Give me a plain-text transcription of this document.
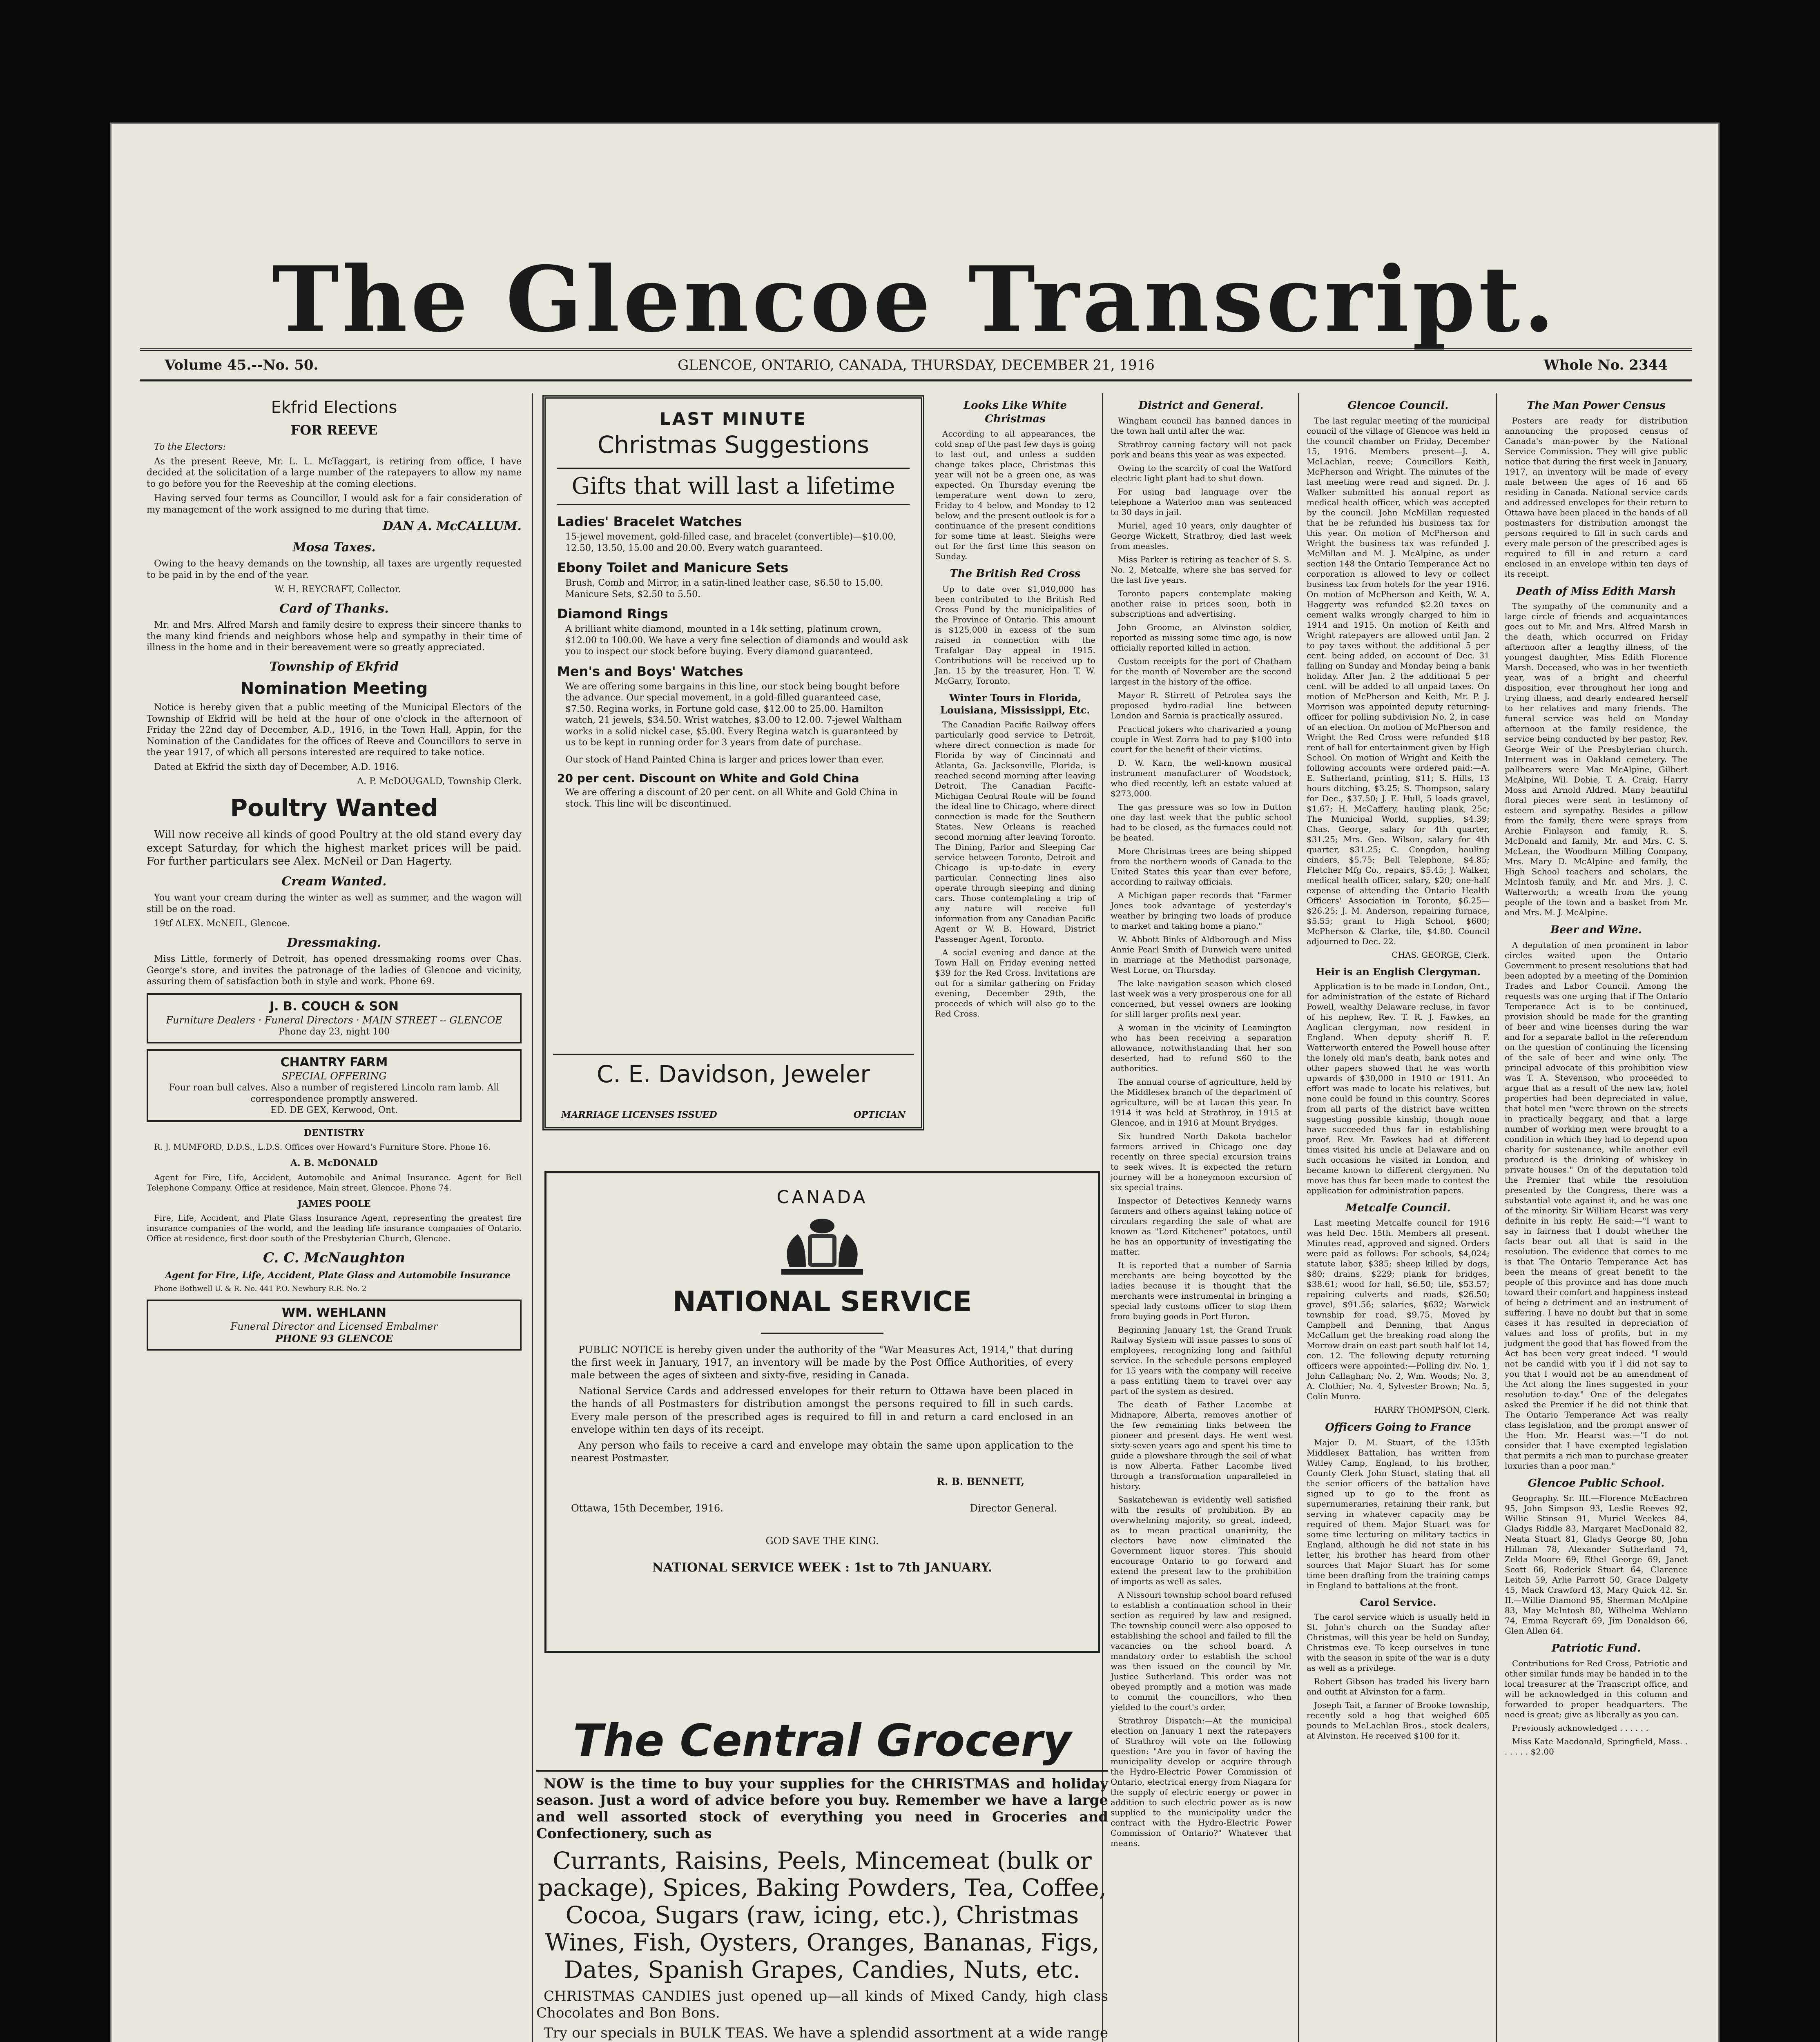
The Glencoe Transcript.
Volume 45.--No. 50.	GLENCOE, ONTARIO, CANADA, THURSDAY, DECEMBER 21, 1916	Whole No. 2344
Ekfrid Elections
FOR REEVE

To the Electors:

As the present Reeve, Mr. L. L. McTaggart, is retiring from office, I have decided at the solicitation of a large number of the ratepayers to allow my name to go before you for the Reeveship at the coming elections.

Having served four terms as Councillor, I would ask for a fair consideration of my management of the work assigned to me during that time.

DAN A. McCALLUM.
Mosa Taxes.

Owing to the heavy demands on the township, all taxes are urgently requested to be paid in by the end of the year.

W. H. REYCRAFT, Collector.

Card of Thanks.

Mr. and Mrs. Alfred Marsh and family desire to express their sincere thanks to the many kind friends and neighbors whose help and sympathy in their time of illness in the home and in their bereavement were so greatly appreciated.

Township of Ekfrid
Nomination Meeting

Notice is hereby given that a public meeting of the Municipal Electors of the Township of Ekfrid will be held at the hour of one o'clock in the afternoon of Friday the 22nd day of December, A.D., 1916, in the Town Hall, Appin, for the Nomination of the Candidates for the offices of Reeve and Councillors to serve in the year 1917, of which all persons interested are required to take notice.

Dated at Ekfrid the sixth day of December, A.D. 1916.

A. P. McDOUGALD, Township Clerk.

Poultry Wanted

Will now receive all kinds of good Poultry at the old stand every day except Saturday, for which the highest market prices will be paid. For further particulars see Alex. McNeil or Dan Hagerty.

Cream Wanted.

You want your cream during the winter as well as summer, and the wagon will still be on the road.

19tf ALEX. McNEIL, Glencoe.

Dressmaking.

Miss Little, formerly of Detroit, has opened dressmaking rooms over Chas. George's store, and invites the patronage of the ladies of Glencoe and vicinity, assuring them of satisfaction both in style and work. Phone 69.

J. B. COUCH & SON
Furniture Dealers · Funeral Directors · MAIN STREET -- GLENCOE
Phone day 23, night 100
CHANTRY FARM
SPECIAL OFFERING
Four roan bull calves. Also a number of registered Lincoln ram lamb. All correspondence promptly answered.
ED. DE GEX, Kerwood, Ont.
DENTISTRY

R. J. MUMFORD, D.D.S., L.D.S. Offices over Howard's Furniture Store. Phone 16.

A. B. McDONALD

Agent for Fire, Life, Accident, Automobile and Animal Insurance. Agent for Bell Telephone Company. Office at residence, Main street, Glencoe. Phone 74.

JAMES POOLE

Fire, Life, Accident, and Plate Glass Insurance Agent, representing the greatest fire insurance companies of the world, and the leading life insurance companies of Ontario. Office at residence, first door south of the Presbyterian Church, Glencoe.

C. C. McNaughton

Agent for Fire, Life, Accident, Plate Glass and Automobile Insurance

Phone Bothwell U. & R. No. 441 P.O. Newbury R.R. No. 2

WM. WEHLANN
Funeral Director and Licensed Embalmer
PHONE 93 GLENCOE
LAST MINUTE
Christmas Suggestions
Gifts that will last a lifetime
Ladies' Bracelet Watches
15-jewel movement, gold-filled case, and bracelet (convertible)—$10.00, 12.50, 13.50, 15.00 and 20.00. Every watch guaranteed.
Ebony Toilet and Manicure Sets
Brush, Comb and Mirror, in a satin-lined leather case, $6.50 to 15.00. Manicure Sets, $2.50 to 5.50.
Diamond Rings
A brilliant white diamond, mounted in a 14k setting, platinum crown, $12.00 to 100.00. We have a very fine selection of diamonds and would ask you to inspect our stock before buying. Every diamond guaranteed.
Men's and Boys' Watches
We are offering some bargains in this line, our stock being bought before the advance. Our special movement, in a gold-filled guaranteed case, $7.50. Regina works, in Fortune gold case, $12.00 to 25.00. Hamilton watch, 21 jewels, $34.50. Wrist watches, $3.00 to 12.00. 7-jewel Waltham works in a solid nickel case, $5.00. Every Regina watch is guaranteed by us to be kept in running order for 3 years from date of purchase.
Our stock of Hand Painted China is larger and prices lower than ever.
20 per cent. Discount on White and Gold China
We are offering a discount of 20 per cent. on all White and Gold China in stock. This line will be discontinued.
C. E. Davidson, Jeweler
MARRIAGE LICENSES ISSUED	OPTICIAN
CANADA
NATIONAL SERVICE

PUBLIC NOTICE is hereby given under the authority of the "War Measures Act, 1914," that during the first week in January, 1917, an inventory will be made by the Post Office Authorities, of every male between the ages of sixteen and sixty-five, residing in Canada.

National Service Cards and addressed envelopes for their return to Ottawa have been placed in the hands of all Postmasters for distribution amongst the persons required to fill in such cards. Every male person of the prescribed ages is required to fill in and return a card enclosed in an envelope within ten days of its receipt.

Any person who fails to receive a card and envelope may obtain the same upon application to the nearest Postmaster.

R. B. BENNETT,
Ottawa, 15th December, 1916.	Director General.
GOD SAVE THE KING.
NATIONAL SERVICE WEEK : 1st to 7th JANUARY.
The Central Grocery

NOW is the time to buy your supplies for the CHRISTMAS and holiday season. Just a word of advice before you buy. Remember we have a large and well assorted stock of everything you need in Groceries and Confectionery, such as

Currants, Raisins, Peels, Mincemeat (bulk or package), Spices, Baking Powders, Tea, Coffee, Cocoa, Sugars (raw, icing, etc.), Christmas Wines, Fish, Oysters, Oranges, Bananas, Figs, Dates, Spanish Grapes, Candies, Nuts, etc.

CHRISTMAS CANDIES just opened up—all kinds of Mixed Candy, high class Chocolates and Bon Bons.

Try our specials in BULK TEAS. We have a splendid assortment at a wide range

Looks Like White Christmas

According to all appearances, the cold snap of the past few days is going to last out, and unless a sudden change takes place, Christmas this year will not be a green one, as was expected. On Thursday evening the temperature went down to zero, Friday to 4 below, and Monday to 12 below, and the present outlook is for a continuance of the present conditions for some time at least. Sleighs were out for the first time this season on Sunday.

The British Red Cross

Up to date over $1,040,000 has been contributed to the British Red Cross Fund by the municipalities of the Province of Ontario. This amount is $125,000 in excess of the sum raised in connection with the Trafalgar Day appeal in 1915. Contributions will be received up to Jan. 15 by the treasurer, Hon. T. W. McGarry, Toronto.

Winter Tours in Florida, Louisiana, Mississippi, Etc.

The Canadian Pacific Railway offers particularly good service to Detroit, where direct connection is made for Florida by way of Cincinnati and Atlanta, Ga. Jacksonville, Florida, is reached second morning after leaving Detroit. The Canadian Pacific-Michigan Central Route will be found the ideal line to Chicago, where direct connection is made for the Southern States. New Orleans is reached second morning after leaving Toronto. The Dining, Parlor and Sleeping Car service between Toronto, Detroit and Chicago is up-to-date in every particular. Connecting lines also operate through sleeping and dining cars. Those contemplating a trip of any nature will receive full information from any Canadian Pacific Agent or W. B. Howard, District Passenger Agent, Toronto.

A social evening and dance at the Town Hall on Friday evening netted $39 for the Red Cross. Invitations are out for a similar gathering on Friday evening, December 29th, the proceeds of which will also go to the Red Cross.

District and General.

Wingham council has banned dances in the town hall until after the war.

Strathroy canning factory will not pack pork and beans this year as was expected.

Owing to the scarcity of coal the Watford electric light plant had to shut down.

For using bad language over the telephone a Waterloo man was sentenced to 30 days in jail.

Muriel, aged 10 years, only daughter of George Wickett, Strathroy, died last week from measles.

Miss Parker is retiring as teacher of S. S. No. 2, Metcalfe, where she has served for the last five years.

Toronto papers contemplate making another raise in prices soon, both in subscriptions and advertising.

John Groome, an Alvinston soldier, reported as missing some time ago, is now officially reported killed in action.

Custom receipts for the port of Chatham for the month of November are the second largest in the history of the office.

Mayor R. Stirrett of Petrolea says the proposed hydro-radial line between London and Sarnia is practically assured.

Practical jokers who charivaried a young couple in West Zorra had to pay $100 into court for the benefit of their victims.

D. W. Karn, the well-known musical instrument manufacturer of Woodstock, who died recently, left an estate valued at $273,000.

The gas pressure was so low in Dutton one day last week that the public school had to be closed, as the furnaces could not be heated.

More Christmas trees are being shipped from the northern woods of Canada to the United States this year than ever before, according to railway officials.

A Michigan paper records that "Farmer Jones took advantage of yesterday's weather by bringing two loads of produce to market and taking home a piano."

W. Abbott Binks of Aldborough and Miss Annie Pearl Smith of Dunwich were united in marriage at the Methodist parsonage, West Lorne, on Thursday.

The lake navigation season which closed last week was a very prosperous one for all concerned, but vessel owners are looking for still larger profits next year.

A woman in the vicinity of Leamington who has been receiving a separation allowance, notwithstanding that her son deserted, had to refund $60 to the authorities.

The annual course of agriculture, held by the Middlesex branch of the department of agriculture, will be at Lucan this year. In 1914 it was held at Strathroy, in 1915 at Glencoe, and in 1916 at Mount Brydges.

Six hundred North Dakota bachelor farmers arrived in Chicago one day recently on three special excursion trains to seek wives. It is expected the return journey will be a honeymoon excursion of six special trains.

Inspector of Detectives Kennedy warns farmers and others against taking notice of circulars regarding the sale of what are known as "Lord Kitchener" potatoes, until he has an opportunity of investigating the matter.

It is reported that a number of Sarnia merchants are being boycotted by the ladies because it is thought that the merchants were instrumental in bringing a special lady customs officer to stop them from buying goods in Port Huron.

Beginning January 1st, the Grand Trunk Railway System will issue passes to sons of employees, recognizing long and faithful service. In the schedule persons employed for 15 years with the company will receive a pass entitling them to travel over any part of the system as desired.

The death of Father Lacombe at Midnapore, Alberta, removes another of the few remaining links between the pioneer and present days. He went west sixty-seven years ago and spent his time to guide a plowshare through the soil of what is now Alberta. Father Lacombe lived through a transformation unparalleled in history.

Saskatchewan is evidently well satisfied with the results of prohibition. By an overwhelming majority, so great, indeed, as to mean practical unanimity, the electors have now eliminated the Government liquor stores. This should encourage Ontario to go forward and extend the present law to the prohibition of imports as well as sales.

A Nissouri township school board refused to establish a continuation school in their section as required by law and resigned. The township council were also opposed to establishing the school and failed to fill the vacancies on the school board. A mandatory order to establish the school was then issued on the council by Mr. Justice Sutherland. This order was not obeyed promptly and a motion was made to commit the councillors, who then yielded to the court's order.

Strathroy Dispatch:—At the municipal election on January 1 next the ratepayers of Strathroy will vote on the following question: "Are you in favor of having the municipality develop or acquire through the Hydro-Electric Power Commission of Ontario, electrical energy from Niagara for the supply of electric energy or power in addition to such electric power as is now supplied to the municipality under the contract with the Hydro-Electric Power Commission of Ontario?" Whatever that means.

Glencoe Council.

The last regular meeting of the municipal council of the village of Glencoe was held in the council chamber on Friday, December 15, 1916. Members present—J. A. McLachlan, reeve; Councillors Keith, McPherson and Wright. The minutes of the last meeting were read and signed. Dr. J. Walker submitted his annual report as medical health officer, which was accepted by the council. John McMillan requested that he be refunded his business tax for this year. On motion of McPherson and Wright the business tax was refunded J. McMillan and M. J. McAlpine, as under section 148 the Ontario Temperance Act no corporation is allowed to levy or collect business tax from hotels for the year 1916. On motion of McPherson and Keith, W. A. Haggerty was refunded $2.20 taxes on cement walks wrongly charged to him in 1914 and 1915. On motion of Keith and Wright ratepayers are allowed until Jan. 2 to pay taxes without the additional 5 per cent. being added, on account of Dec. 31 falling on Sunday and Monday being a bank holiday. After Jan. 2 the additional 5 per cent. will be added to all unpaid taxes. On motion of McPherson and Keith, Mr. P. J. Morrison was appointed deputy returning-officer for polling subdivision No. 2, in case of an election. On motion of McPherson and Wright the Red Cross were refunded $18 rent of hall for entertainment given by High School. On motion of Wright and Keith the following accounts were ordered paid:—A. E. Sutherland, printing, $11; S. Hills, 13 hours ditching, $3.25; S. Thompson, salary for Dec., $37.50; J. E. Hull, 5 loads gravel, $1.67; H. McCaffery, hauling plank, 25c; The Municipal World, supplies, $4.39; Chas. George, salary for 4th quarter, $31.25; Mrs. Geo. Wilson, salary for 4th quarter, $31.25; C. Congdon, hauling cinders, $5.75; Bell Telephone, $4.85; Fletcher Mfg Co., repairs, $5.45; J. Walker, medical health officer, salary, $20; one-half expense of attending the Ontario Health Officers' Association in Toronto, $6.25—$26.25; J. M. Anderson, repairing furnace, $5.55; grant to High School, $600; McPherson & Clarke, tile, $4.80. Council adjourned to Dec. 22.

CHAS. GEORGE, Clerk.

Heir is an English Clergyman.

Application is to be made in London, Ont., for administration of the estate of Richard Powell, wealthy Delaware recluse, in favor of his nephew, Rev. T. R. J. Fawkes, an Anglican clergyman, now resident in England. When deputy sheriff B. F. Watterworth entered the Powell house after the lonely old man's death, bank notes and other papers showed that he was worth upwards of $30,000 in 1910 or 1911. An effort was made to locate his relatives, but none could be found in this country. Scores from all parts of the district have written suggesting possible kinship, though none have succeeded thus far in establishing proof. Rev. Mr. Fawkes had at different times visited his uncle at Delaware and on such occasions he visited in London, and became known to different clergymen. No move has thus far been made to contest the application for administration papers.

Metcalfe Council.

Last meeting Metcalfe council for 1916 was held Dec. 15th. Members all present. Minutes read, approved and signed. Orders were paid as follows: For schools, $4,024; statute labor, $385; sheep killed by dogs, $80; drains, $229; plank for bridges, $38.61; wood for hall, $6.50; tile, $53.57; repairing culverts and roads, $26.50; gravel, $91.56; salaries, $632; Warwick township for road, $9.75. Moved by Campbell and Denning, that Angus McCallum get the breaking road along the Morrow drain on east part south half lot 14, con. 12. The following deputy returning officers were appointed:—Polling div. No. 1, John Callaghan; No. 2, Wm. Woods; No. 3, A. Clothier; No. 4, Sylvester Brown; No. 5, Colin Munro.

HARRY THOMPSON, Clerk.

Officers Going to France

Major D. M. Stuart, of the 135th Middlesex Battalion, has written from Witley Camp, England, to his brother, County Clerk John Stuart, stating that all the senior officers of the battalion have signed up to go to the front as supernumeraries, retaining their rank, but serving in whatever capacity may be required of them. Major Stuart was for some time lecturing on military tactics in England, although he did not state in his letter, his brother has heard from other sources that Major Stuart has for some time been drafting from the training camps in England to battalions at the front.

Carol Service.

The carol service which is usually held in St. John's church on the Sunday after Christmas, will this year be held on Sunday, Christmas eve. To keep ourselves in tune with the season in spite of the war is a duty as well as a privilege.

Robert Gibson has traded his livery barn and outfit at Alvinston for a farm.

Joseph Tait, a farmer of Brooke township, recently sold a hog that weighed 605 pounds to McLachlan Bros., stock dealers, at Alvinston. He received $100 for it.

The Man Power Census

Posters are ready for distribution announcing the proposed census of Canada's man-power by the National Service Commission. They will give public notice that during the first week in January, 1917, an inventory will be made of every male between the ages of 16 and 65 residing in Canada. National service cards and addressed envelopes for their return to Ottawa have been placed in the hands of all postmasters for distribution amongst the persons required to fill in such cards and every male person of the prescribed ages is required to fill in and return a card enclosed in an envelope within ten days of its receipt.

Death of Miss Edith Marsh

The sympathy of the community and a large circle of friends and acquaintances goes out to Mr. and Mrs. Alfred Marsh in the death, which occurred on Friday afternoon after a lengthy illness, of the youngest daughter, Miss Edith Florence Marsh. Deceased, who was in her twentieth year, was of a bright and cheerful disposition, ever throughout her long and trying illness, and dearly endeared herself to her relatives and many friends. The funeral service was held on Monday afternoon at the family residence, the service being conducted by her pastor, Rev. George Weir of the Presbyterian church. Interment was in Oakland cemetery. The pallbearers were Mac McAlpine, Gilbert McAlpine, Wil. Dobie, T. A. Craig, Harry Moss and Arnold Aldred. Many beautiful floral pieces were sent in testimony of esteem and sympathy. Besides a pillow from the family, there were sprays from Archie Finlayson and family, R. S. McDonald and family, Mr. and Mrs. C. S. McLean, the Woodburn Milling Company, Mrs. Mary D. McAlpine and family, the High School teachers and scholars, the McIntosh family, and Mr. and Mrs. J. C. Walterworth; a wreath from the young people of the town and a basket from Mr. and Mrs. M. J. McAlpine.

Beer and Wine.

A deputation of men prominent in labor circles waited upon the Ontario Government to present resolutions that had been adopted by a meeting of the Dominion Trades and Labor Council. Among the requests was one urging that if The Ontario Temperance Act is to be continued, provision should be made for the granting of beer and wine licenses during the war and for a separate ballot in the referendum on the question of continuing the licensing of the sale of beer and wine only. The principal advocate of this prohibition view was T. A. Stevenson, who proceeded to argue that as a result of the new law, hotel properties had been depreciated in value, that hotel men "were thrown on the streets in practically beggary, and that a large number of working men were brought to a condition in which they had to depend upon charity for sustenance, while another evil produced is the drinking of whiskey in private houses." On of the deputation told the Premier that while the resolution presented by the Congress, there was a substantial vote against it, and he was one of the minority. Sir William Hearst was very definite in his reply. He said:—"I want to say in fairness that I doubt whether the facts bear out all that is said in the resolution. The evidence that comes to me is that The Ontario Temperance Act has been the means of great benefit to the people of this province and has done much toward their comfort and happiness instead of being a detriment and an instrument of suffering. I have no doubt but that in some cases it has resulted in depreciation of values and loss of profits, but in my judgment the good that has flowed from the Act has been very great indeed. "I would not be candid with you if I did not say to you that I would not be an amendment of the Act along the lines suggested in your resolution to-day." One of the delegates asked the Premier if he did not think that The Ontario Temperance Act was really class legislation, and the prompt answer of the Hon. Mr. Hearst was:—"I do not consider that I have exempted legislation that permits a rich man to purchase greater luxuries than a poor man."

Glencoe Public School.

Geography. Sr. III.—Florence McEachren 95, John Simpson 93, Leslie Reeves 92, Willie Stinson 91, Muriel Weekes 84, Gladys Riddle 83, Margaret MacDonald 82, Neata Stuart 81, Gladys George 80, John Hillman 78, Alexander Sutherland 74, Zelda Moore 69, Ethel George 69, Janet Scott 66, Roderick Stuart 64, Clarence Leitch 59, Arlie Parrott 50, Grace Dalgety 45, Mack Crawford 43, Mary Quick 42. Sr. II.—Willie Diamond 95, Sherman McAlpine 83, May McIntosh 80, Wilhelma Wehlann 74, Emma Reycraft 69, Jim Donaldson 66, Glen Allen 64.

Patriotic Fund.

Contributions for Red Cross, Patriotic and other similar funds may be handed in to the local treasurer at the Transcript office, and will be acknowledged in this column and forwarded to proper headquarters. The need is great; give as liberally as you can.

Previously acknowledged . . . . . .

Miss Kate Macdonald, Springfield, Mass. . . . . . . $2.00
